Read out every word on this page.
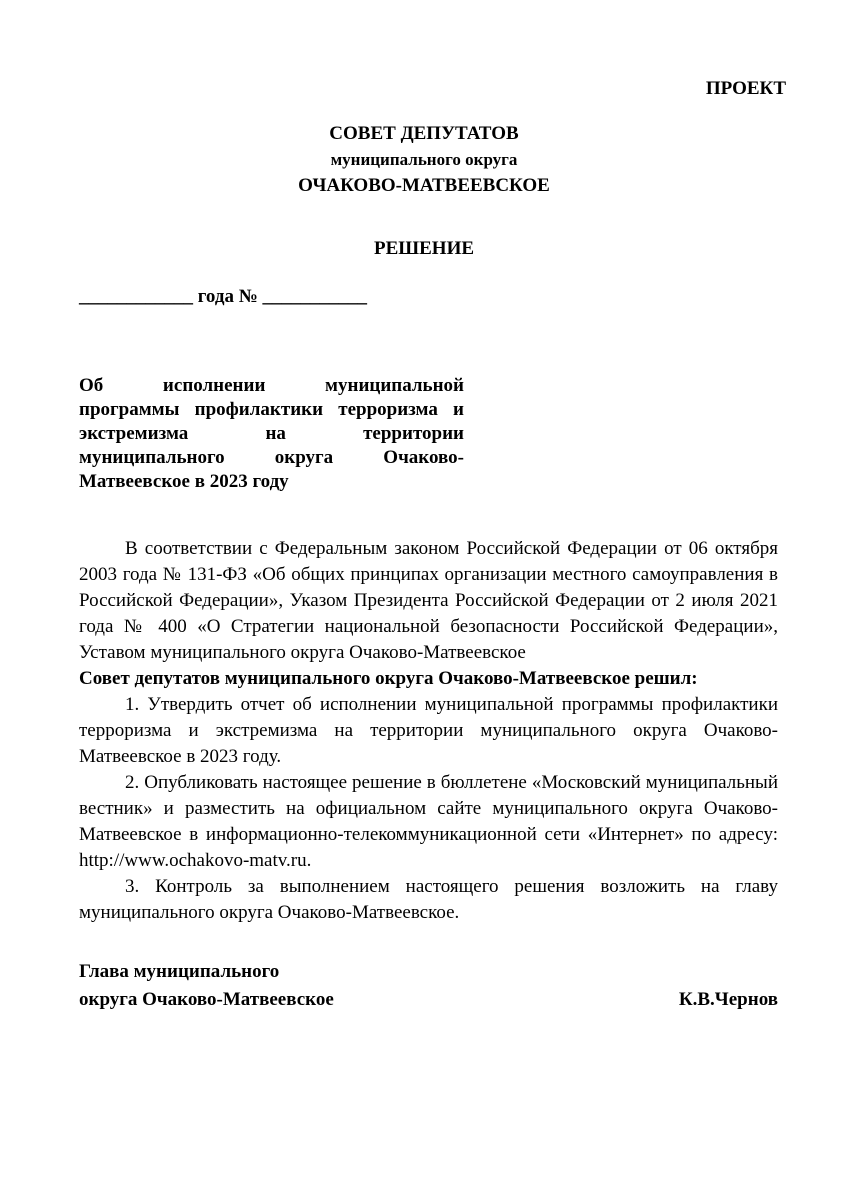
ПРОЕКТ
СОВЕТ ДЕПУТАТОВ
муниципального округа
ОЧАКОВО-МАТВЕЕВСКОЕ
РЕШЕНИЕ
____________ года № ___________
Об исполнении муниципальной
программы профилактики терроризма и
экстремизма на территории
муниципального округа Очаково-
Матвеевское в 2023 году

В соответствии с Федеральным законом Российской Федерации от 06 октября 2003 года № 131-ФЗ «Об общих принципах организации местного самоуправления в Российской Федерации», Указом Президента Российской Федерации от 2 июля 2021 года № 400 «О Стратегии национальной безопасности Российской Федерации», Уставом муниципального округа Очаково-Матвеевское

Совет депутатов муниципального округа Очаково-Матвеевское решил:

1. Утвердить отчет об исполнении муниципальной программы профилактики терроризма и экстремизма на территории муниципального округа Очаково-Матвеевское в 2023 году.

2. Опубликовать настоящее решение в бюллетене «Московский муниципальный вестник» и разместить на официальном сайте муниципального округа Очаково-Матвеевское в информационно-телекоммуникационной сети «Интернет» по адресу: http://www.ochakovo-matv.ru.

3. Контроль за выполнением настоящего решения возложить на главу муниципального округа Очаково-Матвеевское.

Глава муниципального
округа Очаково-Матвеевское	К.В.Чернов
